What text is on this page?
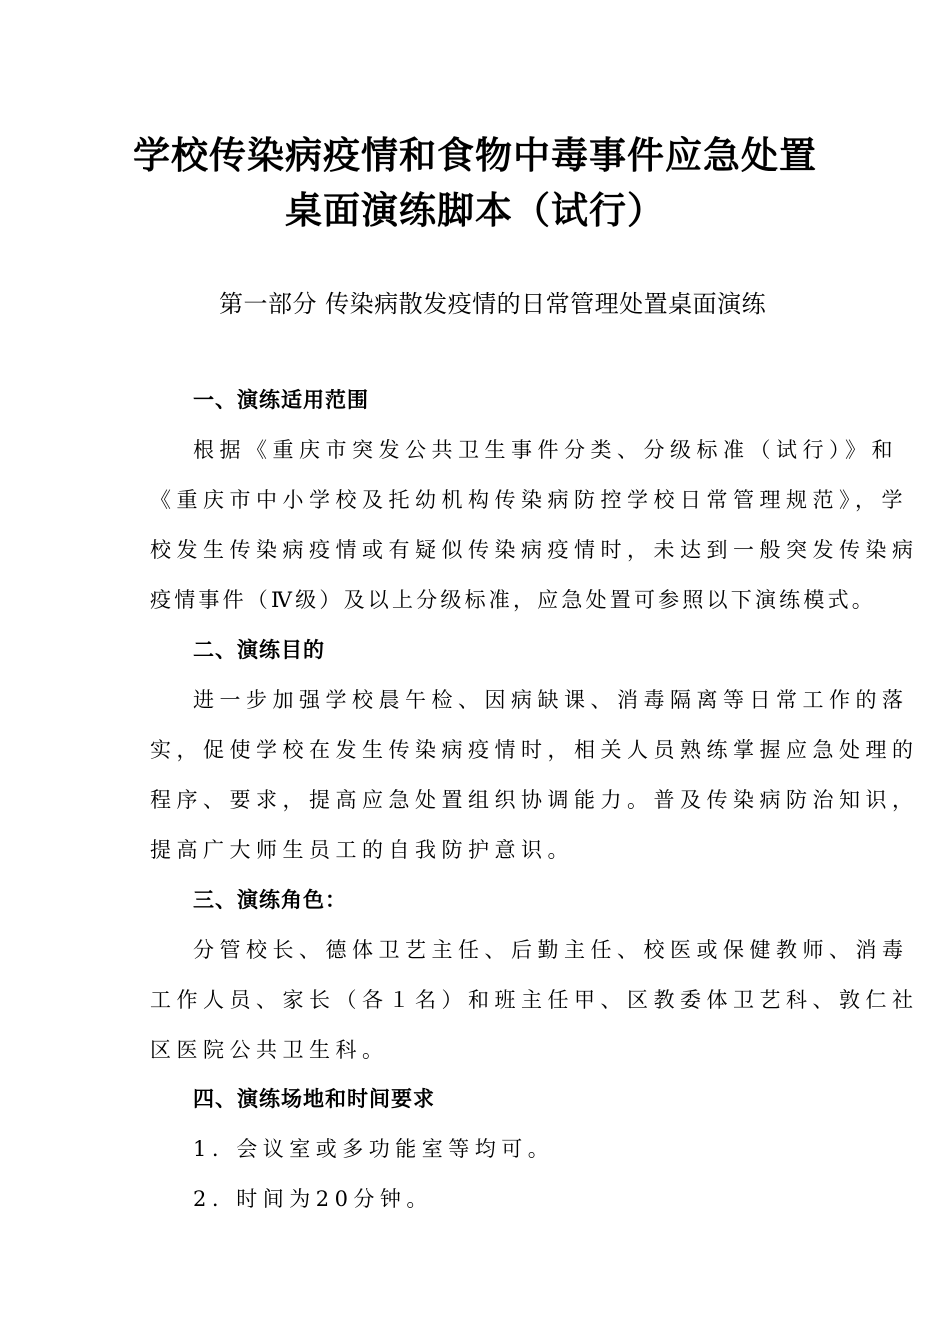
学校传染病疫情和食物中毒事件应急处置
桌面演练脚本（试行）
第一部分 传染病散发疫情的日常管理处置桌面演练
一、演练适用范围
根据《重庆市突发公共卫生事件分类、分级标准（试行）》和
《重庆市中小学校及托幼机构传染病防控学校日常管理规范》，学
校发生传染病疫情或有疑似传染病疫情时，未达到一般突发传染病
疫情事件（Ⅳ级）及以上分级标准，应急处置可参照以下演练模式。
二、演练目的
进一步加强学校晨午检、因病缺课、消毒隔离等日常工作的落
实，促使学校在发生传染病疫情时，相关人员熟练掌握应急处理的
程序、要求，提高应急处置组织协调能力。普及传染病防治知识，
提高广大师生员工的自我防护意识。
三、演练角色：
分管校长、德体卫艺主任、后勤主任、校医或保健教师、消毒
工作人员、家长（各１名）和班主任甲、区教委体卫艺科、敦仁社
区医院公共卫生科。
四、演练场地和时间要求
1. 会议室或多功能室等均可。
2. 时间为20分钟。
